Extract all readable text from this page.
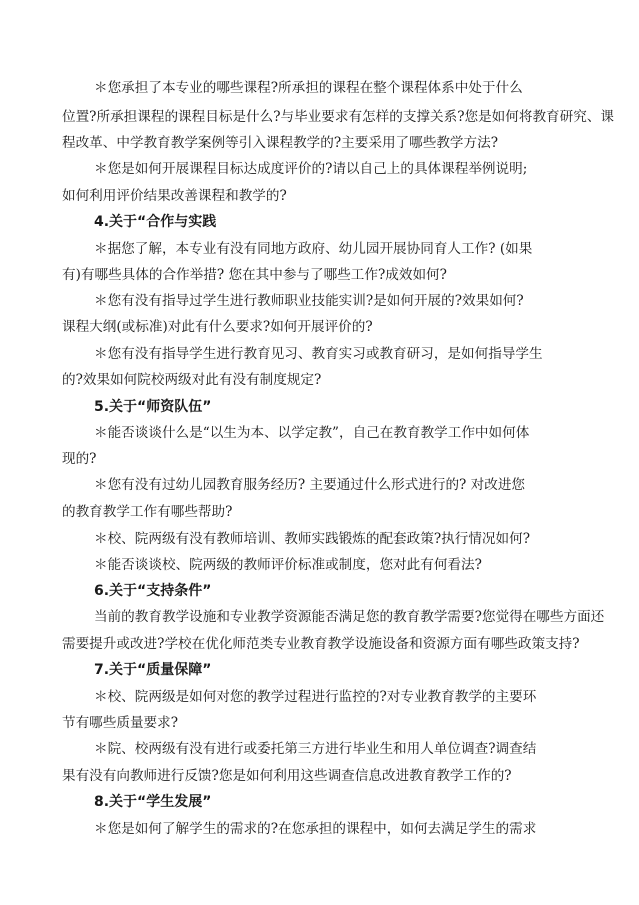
＊您承担了本专业的哪些课程?所承担的课程在整个课程体系中处于什么
位置?所承担课程的课程目标是什么?与毕业要求有怎样的支撑关系?您是如何将教育研究、课
程改革、中学教育教学案例等引入课程教学的?主要采用了哪些教学方法?
＊您是如何开展课程目标达成度评价的?请以自己上的具体课程举例说明;
如何利用评价结果改善课程和教学的?
4.关于“合作与实践
＊据您了解，本专业有没有同地方政府、幼儿园开展协同育人工作? (如果
有)有哪些具体的合作举措? 您在其中参与了哪些工作?成效如何?
＊您有没有指导过学生进行教师职业技能实训?是如何开展的?效果如何?
课程大纲(或标准)对此有什么要求?如何开展评价的?
＊您有没有指导学生进行教育见习、教育实习或教育研习，是如何指导学生
的?效果如何院校两级对此有没有制度规定?
5.关于“师资队伍”
＊能否谈谈什么是“以生为本、以学定教”，自己在教育教学工作中如何体
现的?
＊您有没有过幼儿园教育服务经历? 主要通过什么形式进行的? 对改进您
的教育教学工作有哪些帮助?
＊校、院两级有没有教师培训、教师实践锻炼的配套政策?执行情况如何?
＊能否谈谈校、院两级的教师评价标准或制度，您对此有何看法?
6.关于“支持条件”
当前的教育教学设施和专业教学资源能否满足您的教育教学需要?您觉得在哪些方面还
需要提升或改进?学校在优化师范类专业教育教学设施设备和资源方面有哪些政策支持?
7.关于“质量保障”
＊校、院两级是如何对您的教学过程进行监控的?对专业教育教学的主要环
节有哪些质量要求?
＊院、校两级有没有进行或委托第三方进行毕业生和用人单位调查?调查结
果有没有向教师进行反馈?您是如何利用这些调查信息改进教育教学工作的?
8.关于“学生发展”
＊您是如何了解学生的需求的?在您承担的课程中，如何去满足学生的需求
